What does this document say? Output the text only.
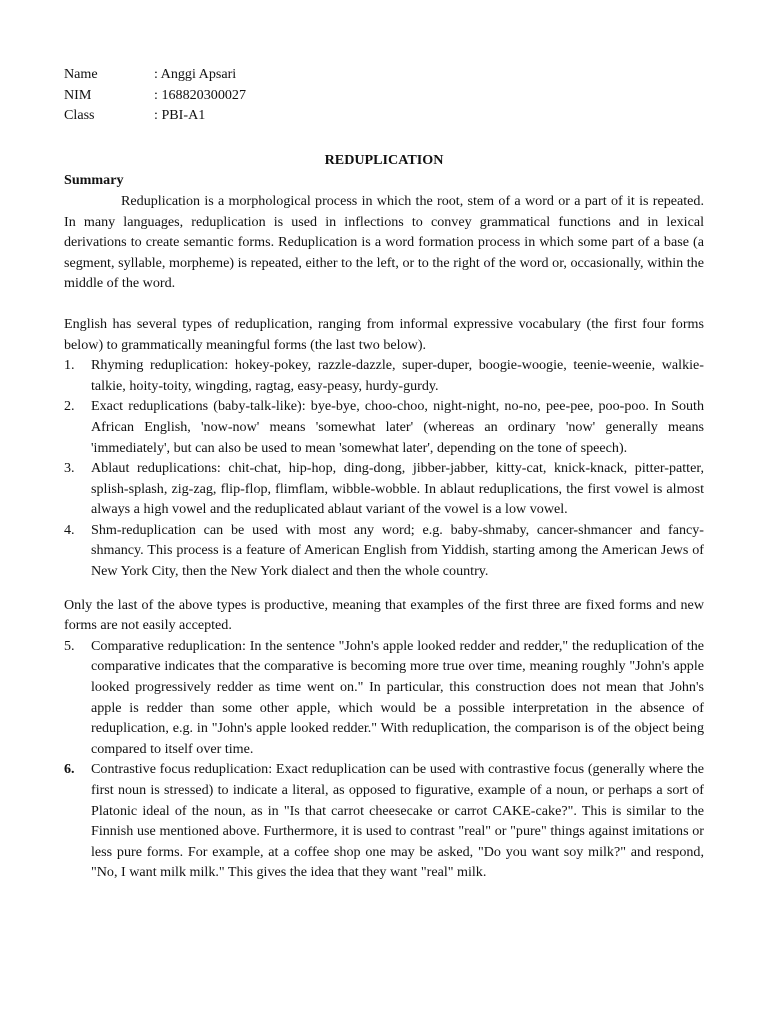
Name	: Anggi Apsari
NIM	: 168820300027
Class	: PBI-A1
REDUPLICATION
Summary

Reduplication is a morphological process in which the root, stem of a word or a part of it is repeated. In many languages, reduplication is used in inflections to convey grammatical functions and in lexical derivations to create semantic forms. Reduplication is a word formation process in which some part of a base (a segment, syllable, morpheme) is repeated, either to the left, or to the right of the word or, occasionally, within the middle of the word.

English has several types of reduplication, ranging from informal expressive vocabulary (the first four forms below) to grammatically meaningful forms (the last two below).

1.	Rhyming reduplication: hokey-pokey, razzle-dazzle, super-duper, boogie-woogie, teenie-weenie, walkie-talkie, hoity-toity, wingding, ragtag, easy-peasy, hurdy-gurdy.
2.	Exact reduplications (baby-talk-like): bye-bye, choo-choo, night-night, no-no, pee-pee, poo-poo. In South African English, 'now-now' means 'somewhat later' (whereas an ordinary 'now' generally means 'immediately', but can also be used to mean 'somewhat later', depending on the tone of speech).
3.	Ablaut reduplications: chit-chat, hip-hop, ding-dong, jibber-jabber, kitty-cat, knick-knack, pitter-patter, splish-splash, zig-zag, flip-flop, flimflam, wibble-wobble. In ablaut reduplications, the first vowel is almost always a high vowel and the reduplicated ablaut variant of the vowel is a low vowel.
4.	Shm-reduplication can be used with most any word; e.g. baby-shmaby, cancer-shmancer and fancy-shmancy. This process is a feature of American English from Yiddish, starting among the American Jews of New York City, then the New York dialect and then the whole country.

Only the last of the above types is productive, meaning that examples of the first three are fixed forms and new forms are not easily accepted.

5.	Comparative reduplication: In the sentence "John's apple looked redder and redder," the reduplication of the comparative indicates that the comparative is becoming more true over time, meaning roughly "John's apple looked progressively redder as time went on." In particular, this construction does not mean that John's apple is redder than some other apple, which would be a possible interpretation in the absence of reduplication, e.g. in "John's apple looked redder." With reduplication, the comparison is of the object being compared to itself over time.
6.	Contrastive focus reduplication: Exact reduplication can be used with contrastive focus (generally where the first noun is stressed) to indicate a literal, as opposed to figurative, example of a noun, or perhaps a sort of Platonic ideal of the noun, as in "Is that carrot cheesecake or carrot CAKE-cake?". This is similar to the Finnish use mentioned above. Furthermore, it is used to contrast "real" or "pure" things against imitations or less pure forms. For example, at a coffee shop one may be asked, "Do you want soy milk?" and respond, "No, I want milk milk." This gives the idea that they want "real" milk.
